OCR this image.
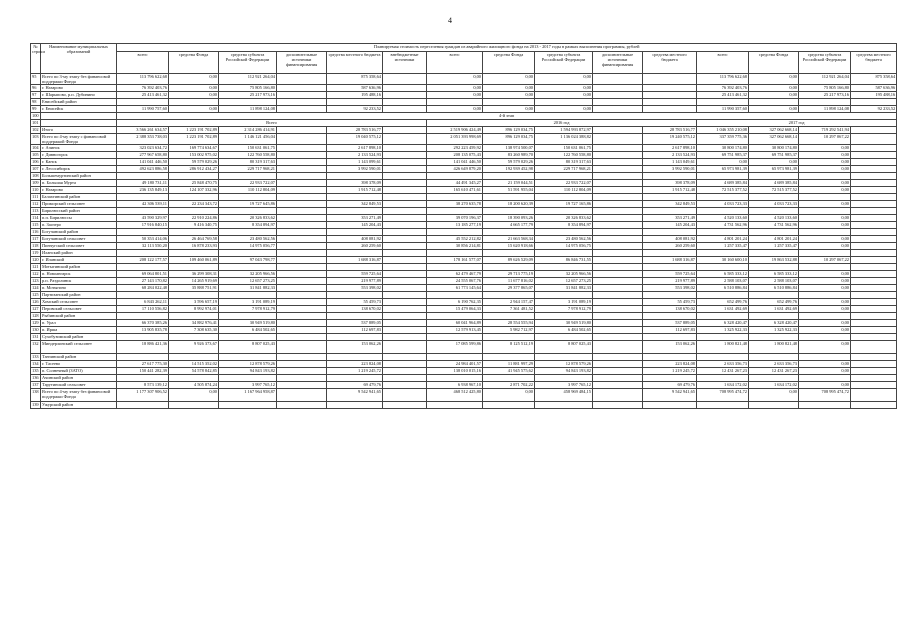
4
№ строки	Наименование муниципальных образований	Планируемая стоимость переселения граждан из аварийного жилищного фонда на 2013 - 2017 годы в рамках выполнения программы, рублей														
		всего	средства Фонда	средства субъекта Российской Федерации	дополнительные источники финансирования	средства местного бюджета	внебюджетные источники	всего	средства Фонда	средства субъекта Российской Федерации	дополнительные источники финансирования	средства местного бюджета	всего	средства Фонда	средства субъекта Российской Федерации	средства местного бюджета
95	Всего по 3-му этапу без финансовой поддержки Фонда	113 796 622,68	0,00	112 921 264,04		875 358,64		0,00	0,00	0,00			113 796 622,68	0,00	112 921 264,04	875 358,64
96	г. Назарово	76 392 403,76	0,00	75 805 166,80		587 636,96		0,00	0,00	0,00			76 392 403,76	0,00	75 805 166,80	587 636,96
97	г. Шарыпово, р.п. Дубинино	25 413 461,32	0,00	25 217 973,16		195 488,16		0,00	0,00	0,00			25 413 461,32	0,00	25 217 973,16	195 488,16
98	Енисейский район															
99	г. Енисейск	11 990 757,60	0,00	11 898 124,08		92 233,52		0,00	0,00	0,00			11 990 357,60	0,00	11 898 124,08	92 233,52
100		4-й этап														
101		Всего						2016 год					2017 год			
102	Итого	3 566 261 634,57	1 223 191 702,89	2 314 286 414,91		28 783 516,77		2 519 906 424,49	896 129 034,75	1 594 993 872,97		28 783 516,77	1 046 355 210,08	327 062 668,14	719 292 541,94	
103	Всего по 4-му этапу с финансовой поддержкой Фонда	2 388 353 738,03	1 223 191 702,89	1 146 121 456,04		19 040 575,12		2 051 393 998,69	896 129 034,75	1 136 024 388,82		19 240 575,12	337 359 775,36	327 062 668,14	10 297 067,22	
104	г. Ачинск	323 023 634,72	169 774 634,67	150 631 061,75		2 617 898,10		292 223 459,92	138 974 500,07	150 631 061,75		2 617 898,10	30 800 174,80	30 800 174,80	0,00	
105	г. Дивногорск	277 967 658,80	153 002 975,02	122 760 558,80		2 133 524,93		208 135 075,43	83 260 989,70	122 760 558,80		2 133 524,93	69 751 985,37	69 751 985,37	0,00	
106	г. Канск	141 041 446,50	59 579 029,26	80 319 317,63		1 143 099,61		141 041 446,50	59 579 029,26	80 319 317,63		1 143 049,61	0,00	0,00	0,00	
107	г. Лесосибирск	492 623 886,58	286 912 434,27	229 717 968,21		3 992 590,01		426 649 879,20	192 939 452,98	229 717 968,21		3 992 590,01	65 973 981,39	65 973 981,39	0,00	
108	Большемуртинский район															
109	п. Большая Мурта	49 180 731,11	25 848 470,75	22 933 722,07		398 378,09		44 491 345,27	21 159 044,51	22 933 722,07		398 378,09	4 689 385,84	4 689 385,84	0,00	
110	г. Назарово	236 135 849,13	124 107 332,96	110 112 804,09		1 915 712,48		165 610 471,61	51 591 955,04	110 112 804,09		1 915 712,48	72 515 377,52	72 515 377,52	0,00	
111	Балахтинский район															
112	Приморский сельсовет	42 306 539,11	22 234 343,72	19 727 645,86		342 849,53		38 270 635,78	18 200 620,39	19 727 165,86		342 849,53	4 033 723,33	4 033 723,33	0,00	
113	Бирилюсский район															
114	п.п. Бирилюссы	43 590 329,97	22 910 224,86	20 326 833,62		353 271,49		39 070 196,37	18 390 093,26	20 326 833,62		353 271,49	4 520 133,60	4 520 133,60	0,00	
115	п. Заозеро	17 916 840,15	9 416 340,75	8 354 894,97		145 204,43		13 185 277,19	4 665 177,79	8 354 894,97		145 204,43	4 731 562,96	4 731 562,96	0,00	
116	Богучанский район															
117	Богучанский сельсовет	50 353 414,06	26 464 769,58	23 480 562,56		408 081,92		45 552 212,82	21 663 568,34	23 480 562,56		408 081,92	4 801 201,24	4 801 201,24	0,00	
118	Пинчугский сельсовет	32 113 550,20	16 878 233,93	14 975 056,77		260 259,60		30 856 214,81	15 620 918,66	14 975 056,75		260 259,60	1 257 335,47	1 257 335,47	0,00	
119	Иланский район															
120	г. Иланский	208 122 177,57	109 460 061,89	97 043 798,77		1 688 316,87		178 161 577,07	89 626 529,09	86 846 731,55		1 688 316,87	30 160 600,10	19 863 532,88	10 297 067,22	
121	Мотыгинский район															
122	п. Новоангарск	69 064 801,51	36 299 308,31	32 205 966,56		559 725,64		62 479 467,79	29 713 775,19	32 205 966,56		559 725,64	6 585 333,12	6 585 333,12	0,00	
123	р.п. Раздолинск	27 143 170,82	14 265 919,69	12 657 273,25		219 977,89		24 555 067,76	11 677 816,02	12 657 273,25		219 977,89	2 588 103,07	2 588 103,07	0,00	
124	п. Мотыгино	68 284 022,48	35 888 751,91	31 841 882,33		553 398,02		61 773 145,64	29 377 865,07	31 841 882,33		553 398,02	6 510 886,84	6 510 886,84	0,00	
125	Партизанский район															
126	Хомский сельсовет	6 843 262,11	3 596 657,19	3 191 089,19		55 459,73		6 190 762,35	2 944 157,47	3 191 089,19		55 459,73	652 499,76	652 499,76	0,00	
127	Перовский сельсовет	17 110 556,82	8 992 974,01	7 978 912,79		138 670,02		15 479 064,33	7 361 481,52	7 978 912,79		138 670,02	1 631 492,69	1 631 492,69	0,00	
128	Рыбинский район															
129	п. Урал	66 370 385,26	34 882 976,41	30 949 519,80		537 889,05		60 041 964,89	28 554 555,94	30 949 519,80		537 889,05	6 328 420,47	6 328 420,47	0,00	
130	п. Ирша	13 905 835,78	7 308 635,30	6 484 502,65		112 697,83		12 579 913,45	5 982 712,97	6 484 502,65		112 697,83	1 325 922,33	1 325 922,33	0,00	
131	Сухобузимский район															
132	Миндерлинский сельсовет	18 886 421,36	9 926 373,67	8 807 025,43		153 062,26		17 085 599,86	8 125 512,19	8 807 025,43		153 062,26	1 800 821,48	1 800 821,48	0,00	
133	Танзинский район															
134	г. Тасеево	27 617 775,30	14 515 352,02	12 878 579,26		223 824,08		24 984 401,57	11 881 997,29	12 878 579,26		223 824,08	2 633 356,73	2 633 356,73	0,00	
135	п. Солнечный (ЗАТО)	150 441 282,39	54 578 842,85	94 843 193,82		1 219 245,72		138 010 015,16	41 945 575,62	94 843 193,82		1 219 245,72	12 431 267,23	12 431 267,23	0,00	
136	Ачинский район															
137	Тарутинский сельсовет	8 573 139,12	4 505 874,24	3 997 765,12		69 479,76		6 938 967,10	2 871 702,22	3 997 765,12		69 479,76	1 634 172,02	1 634 172,02	0,00	
138	Всего по 4-му этапу без финансовой поддержки Фонда	1 177 307 906,52	0,00	1 167 964 958,87		9 542 941,65		468 512 425,80	0,00	458 969 484,15		9 542 941,65	708 995 474,72	0,00	708 995 474,72	
139	Ужурский район															
